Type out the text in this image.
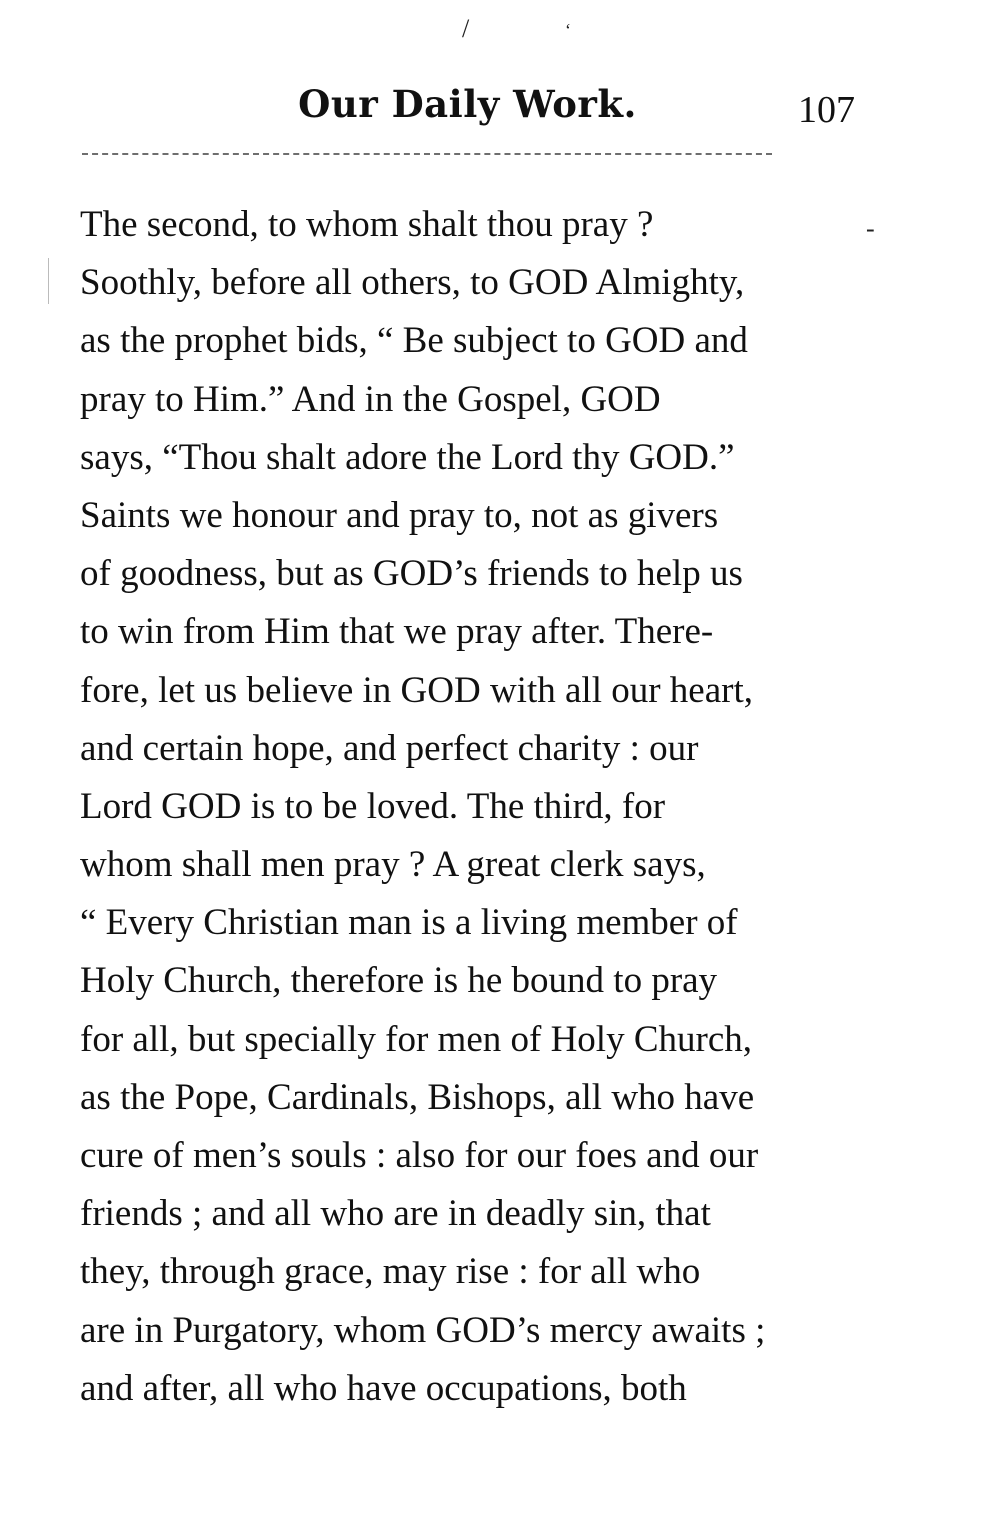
/	ʻ
Our Daily Work.	107
-
The second, to whom shalt thou pray ?
Soothly, before all others, to GOD Almighty,
as the prophet bids, “ Be subject to GOD and
pray to Him.” And in the Gospel, GOD
says, “Thou shalt adore the Lord thy GOD.”
Saints we honour and pray to, not as givers
of goodness, but as GOD’s friends to help us
to win from Him that we pray after. There-
fore, let us believe in GOD with all our heart,
and certain hope, and perfect charity : our
Lord GOD is to be loved. The third, for
whom shall men pray ? A great clerk says,
“ Every Christian man is a living member of
Holy Church, therefore is he bound to pray
for all, but specially for men of Holy Church,
as the Pope, Cardinals, Bishops, all who have
cure of men’s souls : also for our foes and our
friends ; and all who are in deadly sin, that
they, through grace, may rise : for all who
are in Purgatory, whom GOD’s mercy awaits ;
and after, all who have occupations, both
